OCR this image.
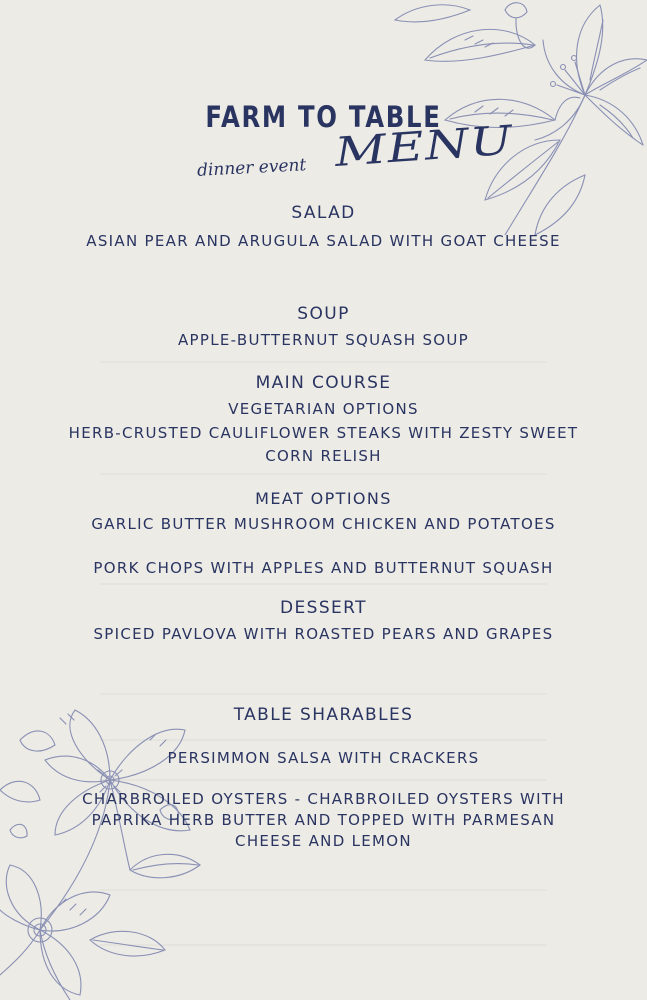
FARM TO TABLE
dinner event MENU
SALAD

ASIAN PEAR AND ARUGULA SALAD WITH GOAT CHEESE

SOUP

APPLE-BUTTERNUT SQUASH SOUP

MAIN COURSE

VEGETARIAN OPTIONS

HERB-CRUSTED CAULIFLOWER STEAKS WITH ZESTY SWEET CORN RELISH

MEAT OPTIONS

GARLIC BUTTER MUSHROOM CHICKEN AND POTATOES

PORK CHOPS WITH APPLES AND BUTTERNUT SQUASH

DESSERT

SPICED PAVLOVA WITH ROASTED PEARS AND GRAPES

TABLE SHARABLES

PERSIMMON SALSA WITH CRACKERS

CHARBROILED OYSTERS - CHARBROILED OYSTERS WITH PAPRIKA HERB BUTTER AND TOPPED WITH PARMESAN CHEESE AND LEMON
